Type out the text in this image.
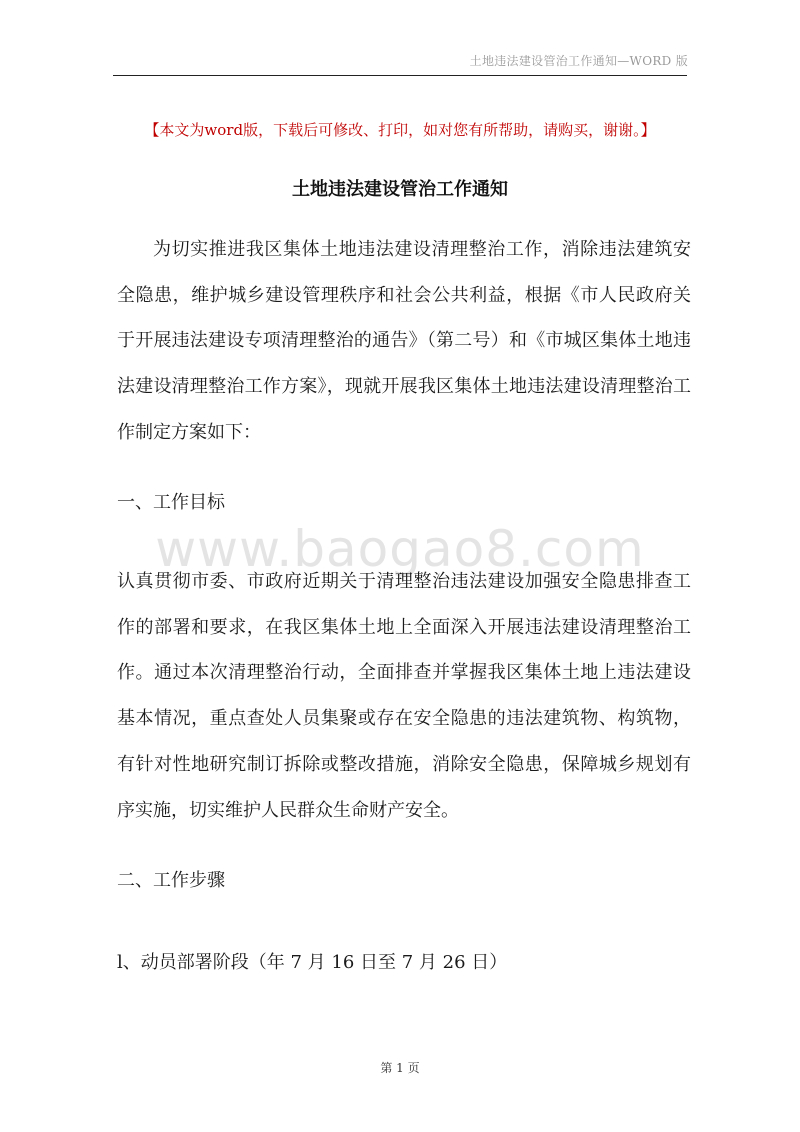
土地违法建设管治工作通知—WORD 版
【本文为word版，下载后可修改、打印，如对您有所帮助，请购买，谢谢。】
土地违法建设管治工作通知

为切实推进我区集体土地违法建设清理整治工作，消除违法建筑安全隐患，维护城乡建设管理秩序和社会公共利益，根据《市人民政府关于开展违法建设专项清理整治的通告》（第二号）和《市城区集体土地违法建设清理整治工作方案》，现就开展我区集体土地违法建设清理整治工作制定方案如下：

一、工作目标

www.baogao8.com

认真贯彻市委、市政府近期关于清理整治违法建设加强安全隐患排查工作的部署和要求，在我区集体土地上全面深入开展违法建设清理整治工作。通过本次清理整治行动，全面排查并掌握我区集体土地上违法建设基本情况，重点查处人员集聚或存在安全隐患的违法建筑物、构筑物，有针对性地研究制订拆除或整改措施，消除安全隐患，保障城乡规划有序实施，切实维护人民群众生命财产安全。

二、工作步骤

l、动员部署阶段（年 7 月 16 日至 7 月 26 日）

第 1 页
